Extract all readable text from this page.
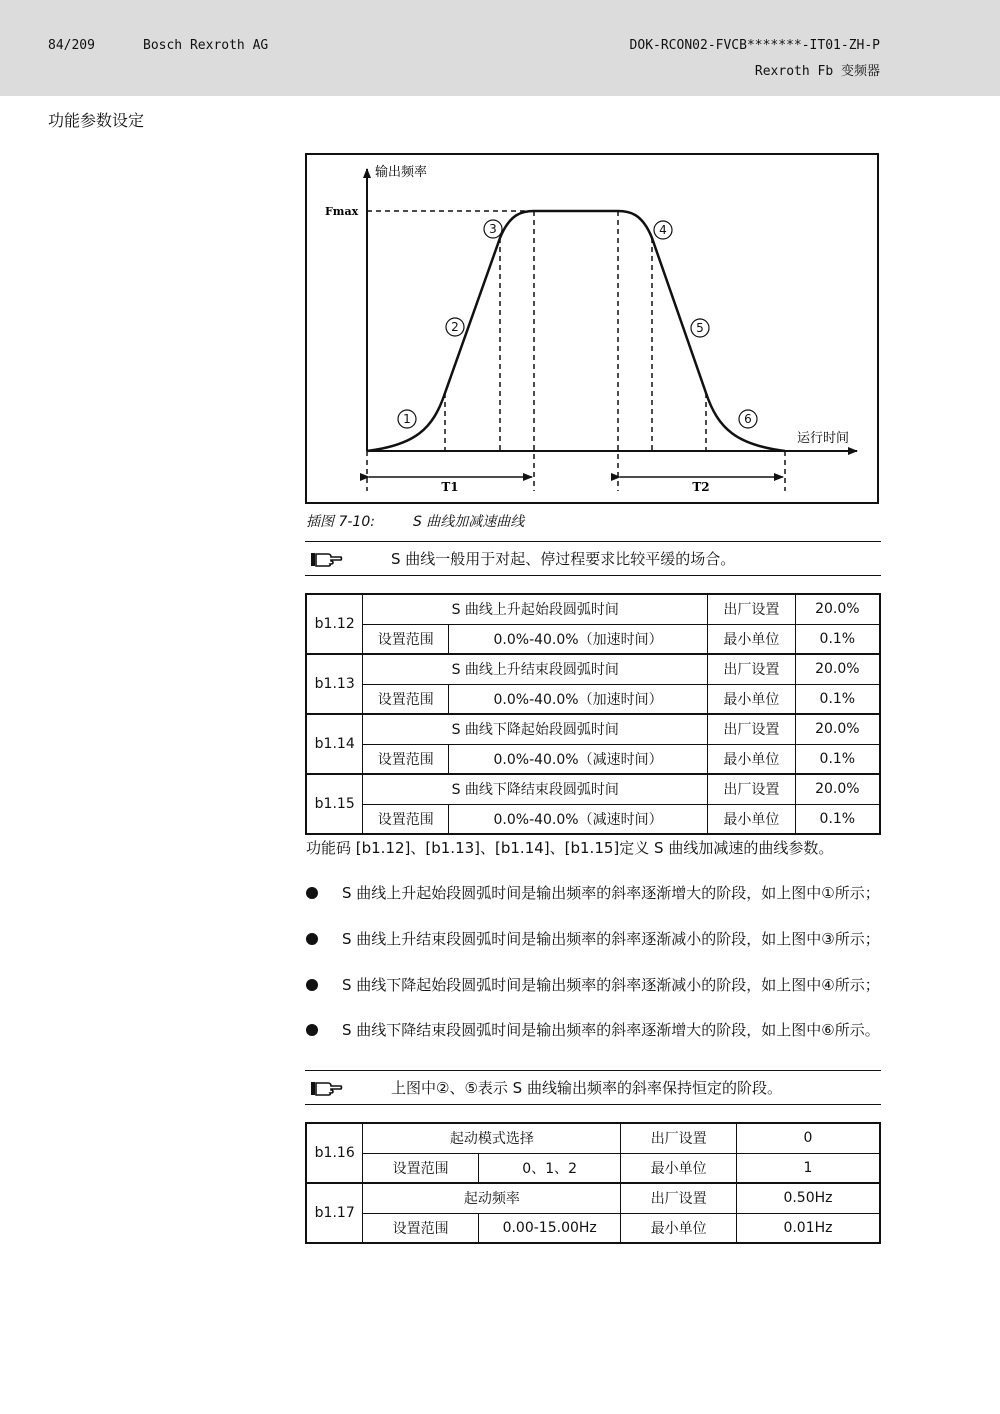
84/209	Bosch Rexroth AG	DOK-RCON02-FVCB*******-IT01-ZH-P
Rexroth Fb 变频器
功能参数设定
输出频率
运行时间
Fmax
T1	T2
1
2
3	4
5
6
插图 7-10:	S 曲线加减速曲线
S 曲线一般用于对起、停过程要求比较平缓的场合。
b1.12	S 曲线上升起始段圆弧时间		出厂设置	20.0%
	设置范围	0.0%-40.0%（加速时间）	最小单位	0.1%
b1.13	S 曲线上升结束段圆弧时间		出厂设置	20.0%
	设置范围	0.0%-40.0%（加速时间）	最小单位	0.1%
b1.14	S 曲线下降起始段圆弧时间		出厂设置	20.0%
	设置范围	0.0%-40.0%（减速时间）	最小单位	0.1%
b1.15	S 曲线下降结束段圆弧时间		出厂设置	20.0%
	设置范围	0.0%-40.0%（减速时间）	最小单位	0.1%
功能码 [b1.12]、[b1.13]、[b1.14]、[b1.15]定义 S 曲线加减速的曲线参数。
S 曲线上升起始段圆弧时间是输出频率的斜率逐渐增大的阶段，如上图中①所示；
S 曲线上升结束段圆弧时间是输出频率的斜率逐渐减小的阶段，如上图中③所示；
S 曲线下降起始段圆弧时间是输出频率的斜率逐渐减小的阶段，如上图中④所示；
S 曲线下降结束段圆弧时间是输出频率的斜率逐渐增大的阶段，如上图中⑥所示。
上图中②、⑤表示 S 曲线输出频率的斜率保持恒定的阶段。
b1.16	起动模式选择		出厂设置	0
	设置范围	0、1、2	最小单位	1
b1.17	起动频率		出厂设置	0.50Hz
	设置范围	0.00-15.00Hz	最小单位	0.01Hz
